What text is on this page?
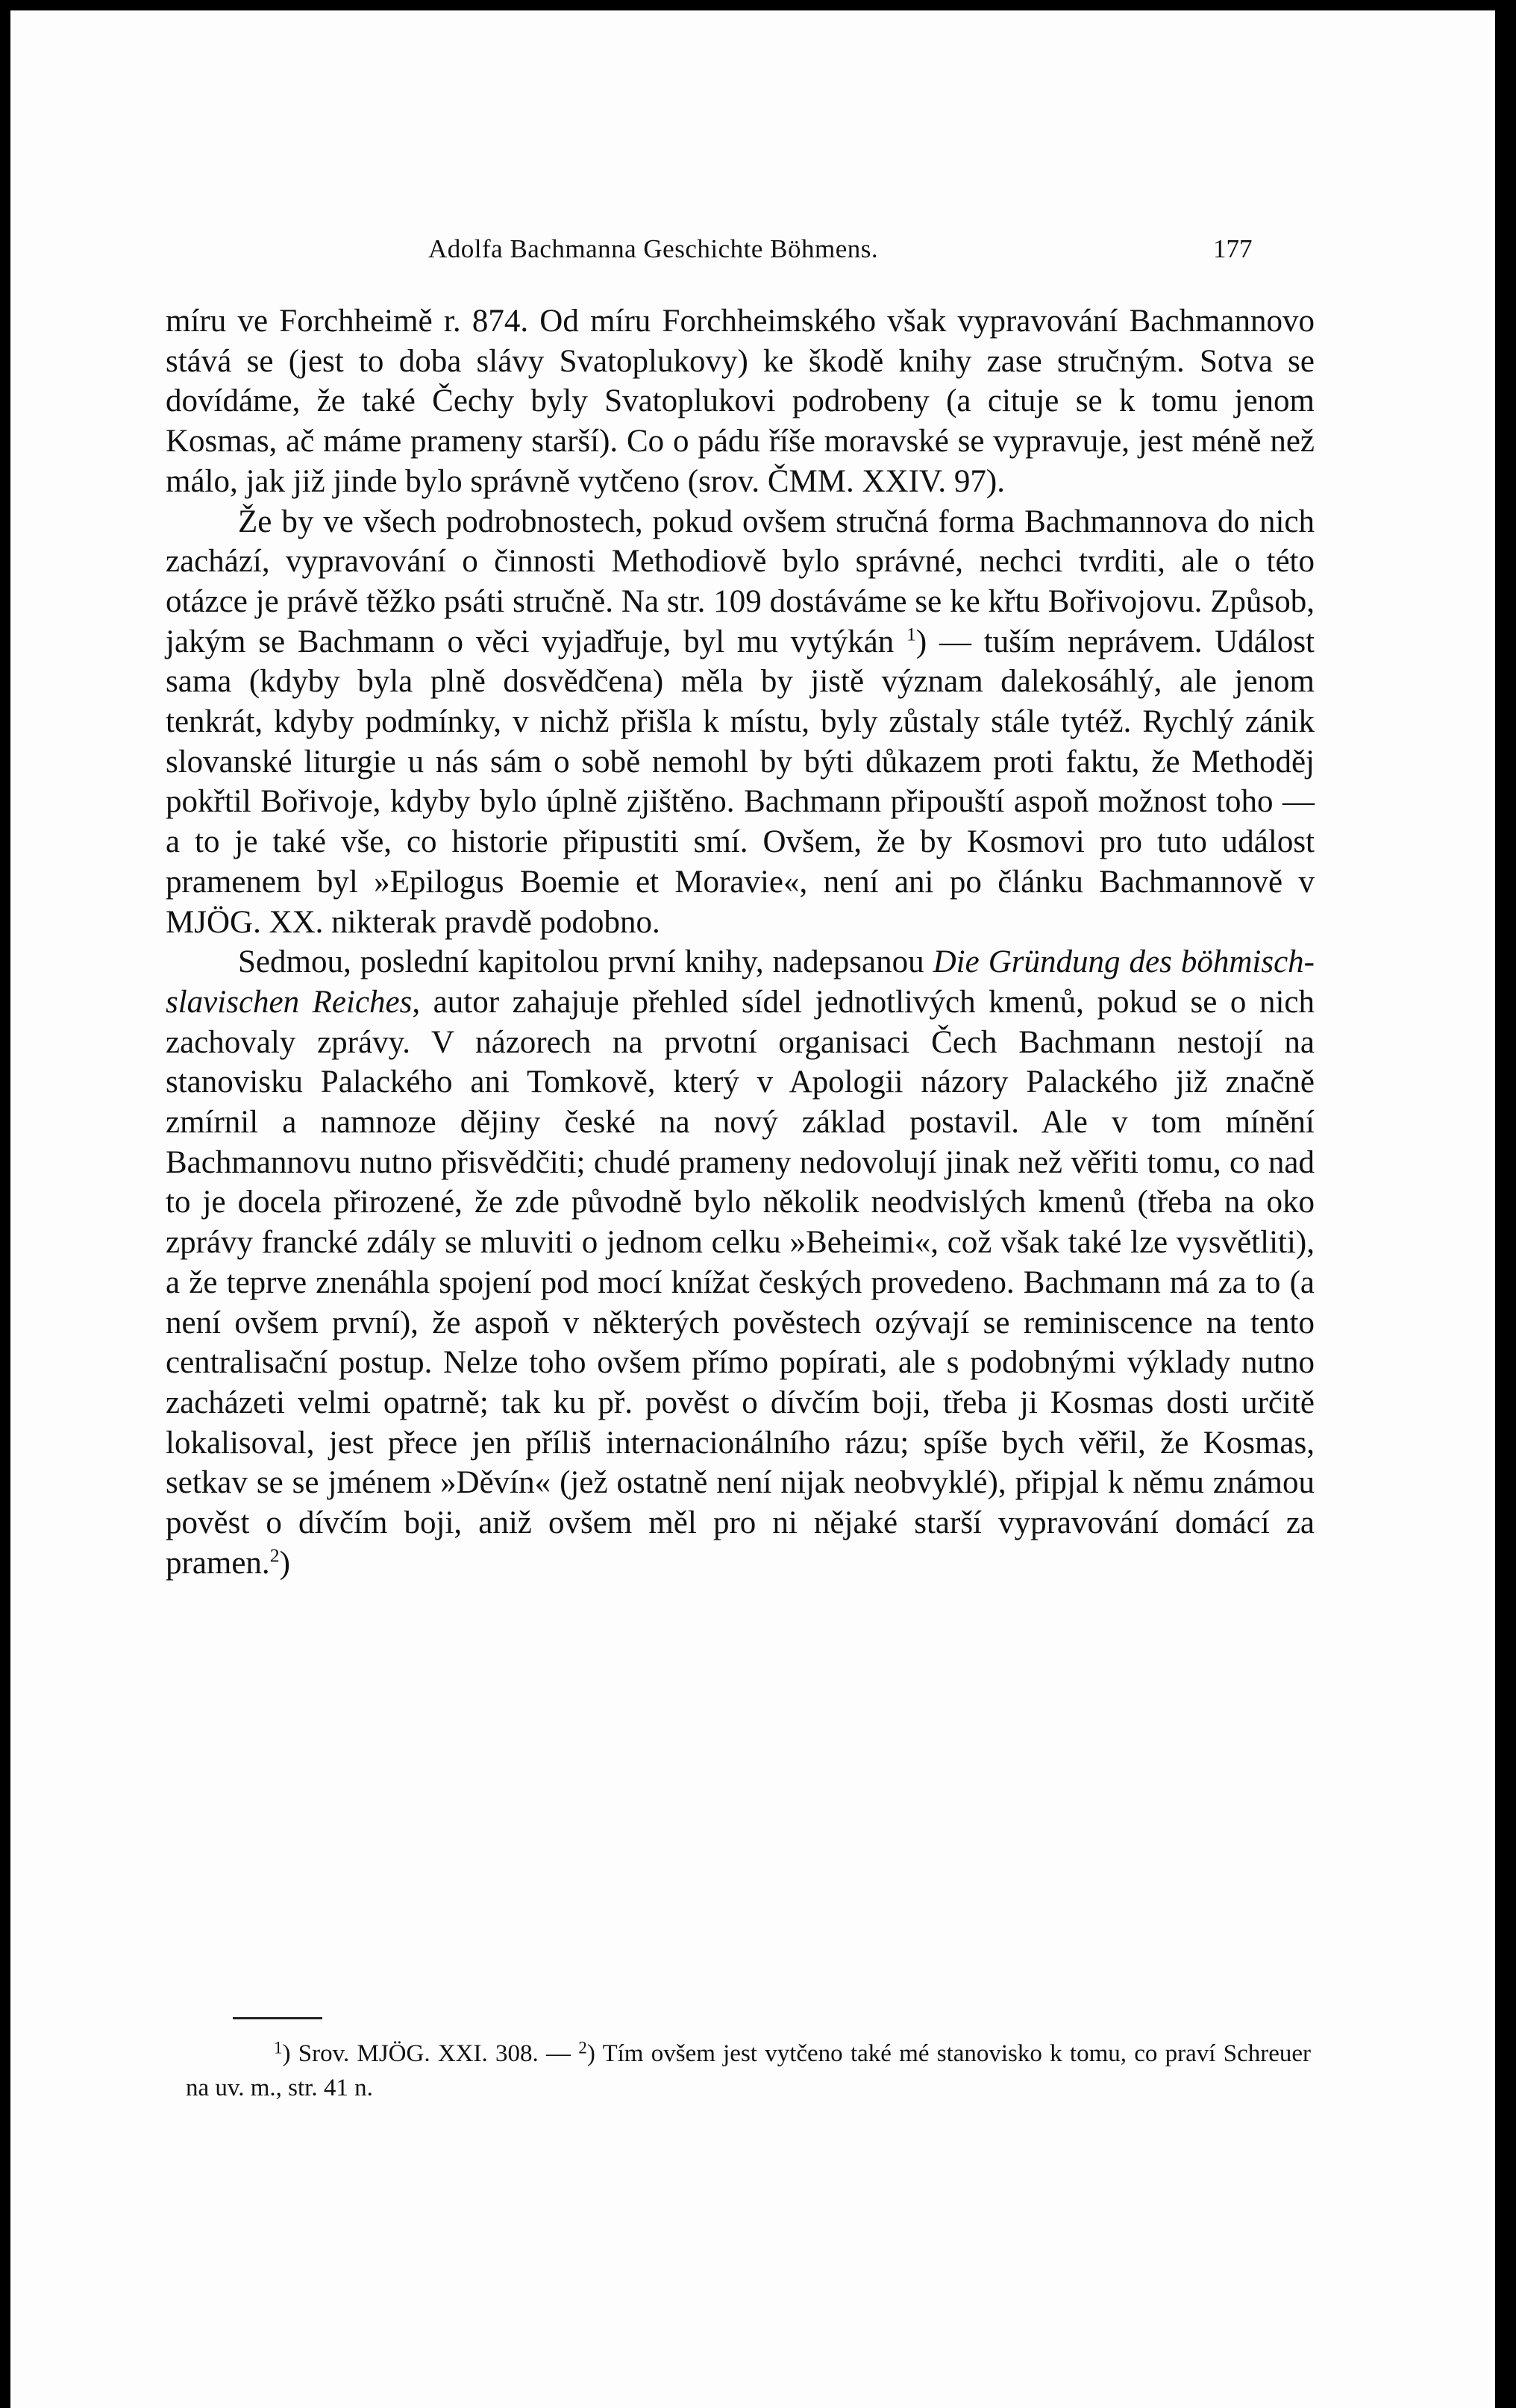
Adolfa Bachmanna Geschichte Böhmens.	177

míru ve Forchheimě r. 874. Od míru Forchheimského však vypravování Bachmannovo stává se (jest to doba slávy Svatoplukovy) ke škodě knihy zase stručným. Sotva se dovídáme, že také Čechy byly Svatoplukovi podrobeny (a cituje se k tomu jenom Kosmas, ač máme prameny starší). Co o pádu říše moravské se vypravuje, jest méně než málo, jak již jinde bylo správně vytčeno (srov. ČMM. XXIV. 97).

Že by ve všech podrobnostech, pokud ovšem stručná forma Bachmannova do nich zachází, vypravování o činnosti Methodiově bylo správné, nechci tvrditi, ale o této otázce je právě těžko psáti stručně. Na str. 109 dostáváme se ke křtu Bořivojovu. Způsob, jakým se Bachmann o věci vyjadřuje, byl mu vytýkán $^1$) — tuším neprávem. Událost sama (kdyby byla plně dosvědčena) měla by jistě význam dalekosáhlý, ale jenom tenkrát, kdyby podmínky, v nichž přišla k místu, byly zůstaly stále tytéž. Rychlý zánik slovanské liturgie u nás sám o sobě nemohl by býti důkazem proti faktu, že Methoděj pokřtil Bořivoje, kdyby bylo úplně zjištěno. Bachmann připouští aspoň možnost toho — a to je také vše, co historie připustiti smí. Ovšem, že by Kosmovi pro tuto událost pramenem byl »Epilogus Boemie et Moravie«, není ani po článku Bachmannově v MJÖG. XX. nikterak pravdě podobno.

Sedmou, poslední kapitolou první knihy, nadepsanou Die Gründung des böhmisch-slavischen Reiches, autor zahajuje přehled sídel jednotlivých kmenů, pokud se o nich zachovaly zprávy. V názorech na prvotní organisaci Čech Bachmann nestojí na stanovisku Palackého ani Tomkově, který v Apologii názory Palackého již značně zmírnil a namnoze dějiny české na nový základ postavil. Ale v tom mínění Bachmannovu nutno přisvědčiti; chudé prameny nedovolují jinak než věřiti tomu, co nad to je docela přirozené, že zde původně bylo několik neodvislých kmenů (třeba na oko zprávy francké zdály se mluviti o jednom celku »Beheimi«, což však také lze vysvětliti), a že teprve znenáhla spojení pod mocí knížat českých provedeno. Bachmann má za to (a není ovšem první), že aspoň v některých pověstech ozývají se reminiscence na tento centralisační postup. Nelze toho ovšem přímo popírati, ale s podobnými výklady nutno zacházeti velmi opatrně; tak ku př. pověst o dívčím boji, třeba ji Kosmas dosti určitě lokalisoval, jest přece jen příliš internacionálního rázu; spíše bych věřil, že Kosmas, setkav se se jménem »Děvín« (jež ostatně není nijak neobvyklé), připjal k němu známou pověst o dívčím boji, aniž ovšem měl pro ni nějaké starší vypravování domácí za pramen.$^2$)

$^1$) Srov. MJÖG. XXI. 308. — $^2$) Tím ovšem jest vytčeno také mé stanovisko k tomu, co praví Schreuer na uv. m., str. 41 n.
